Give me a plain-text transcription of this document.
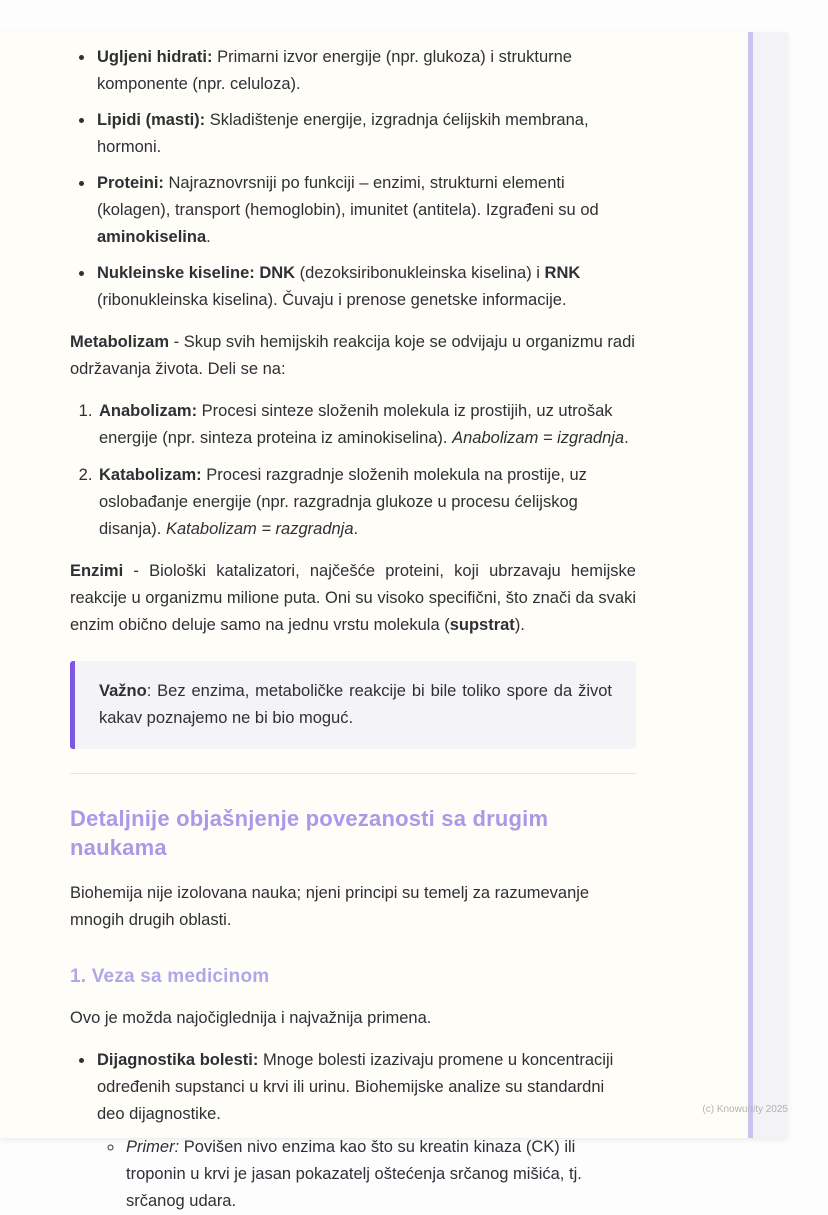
• Ugljeni hidrati: Primarni izvor energije (npr. glukoza) i strukturne komponente (npr. celuloza).
• Lipidi (masti): Skladištenje energije, izgradnja ćelijskih membrana, hormoni.
• Proteini: Najraznovrsniji po funkciji – enzimi, strukturni elementi (kolagen), transport (hemoglobin), imunitet (antitela). Izgrađeni su od aminokiselina.
• Nukleinske kiseline: DNK (dezoksiribonukleinska kiselina) i RNK (ribonukleinska kiselina). Čuvaju i prenose genetske informacije.

Metabolizam - Skup svih hemijskih reakcija koje se odvijaju u organizmu radi održavanja života. Deli se na:

1. Anabolizam: Procesi sinteze složenih molekula iz prostijih, uz utrošak energije (npr. sinteza proteina iz aminokiselina). Anabolizam = izgradnja.
2. Katabolizam: Procesi razgradnje složenih molekula na prostije, uz oslobađanje energije (npr. razgradnja glukoze u procesu ćelijskog disanja). Katabolizam = razgradnja.

Enzimi - Biološki katalizatori, najčešće proteini, koji ubrzavaju hemijske reakcije u organizmu milione puta. Oni su visoko specifični, što znači da svaki enzim obično deluje samo na jednu vrstu molekula (supstrat).

Važno: Bez enzima, metaboličke reakcije bi bile toliko spore da život kakav poznajemo ne bi bio moguć.

Detaljnije objašnjenje povezanosti sa drugim naukama

Biohemija nije izolovana nauka; njeni principi su temelj za razumevanje mnogih drugih oblasti.

1. Veza sa medicinom

Ovo je možda najočiglednija i najvažnija primena.

• Dijagnostika bolesti: Mnoge bolesti izazivaju promene u koncentraciji određenih supstanci u krvi ili urinu. Biohemijske analize su standardni deo dijagnostike.
◦ Primer: Povišen nivo enzima kao što su kreatin kinaza (CK) ili troponin u krvi je jasan pokazatelj oštećenja srčanog mišića, tj. srčanog udara.
(c) Knowunity 2025
